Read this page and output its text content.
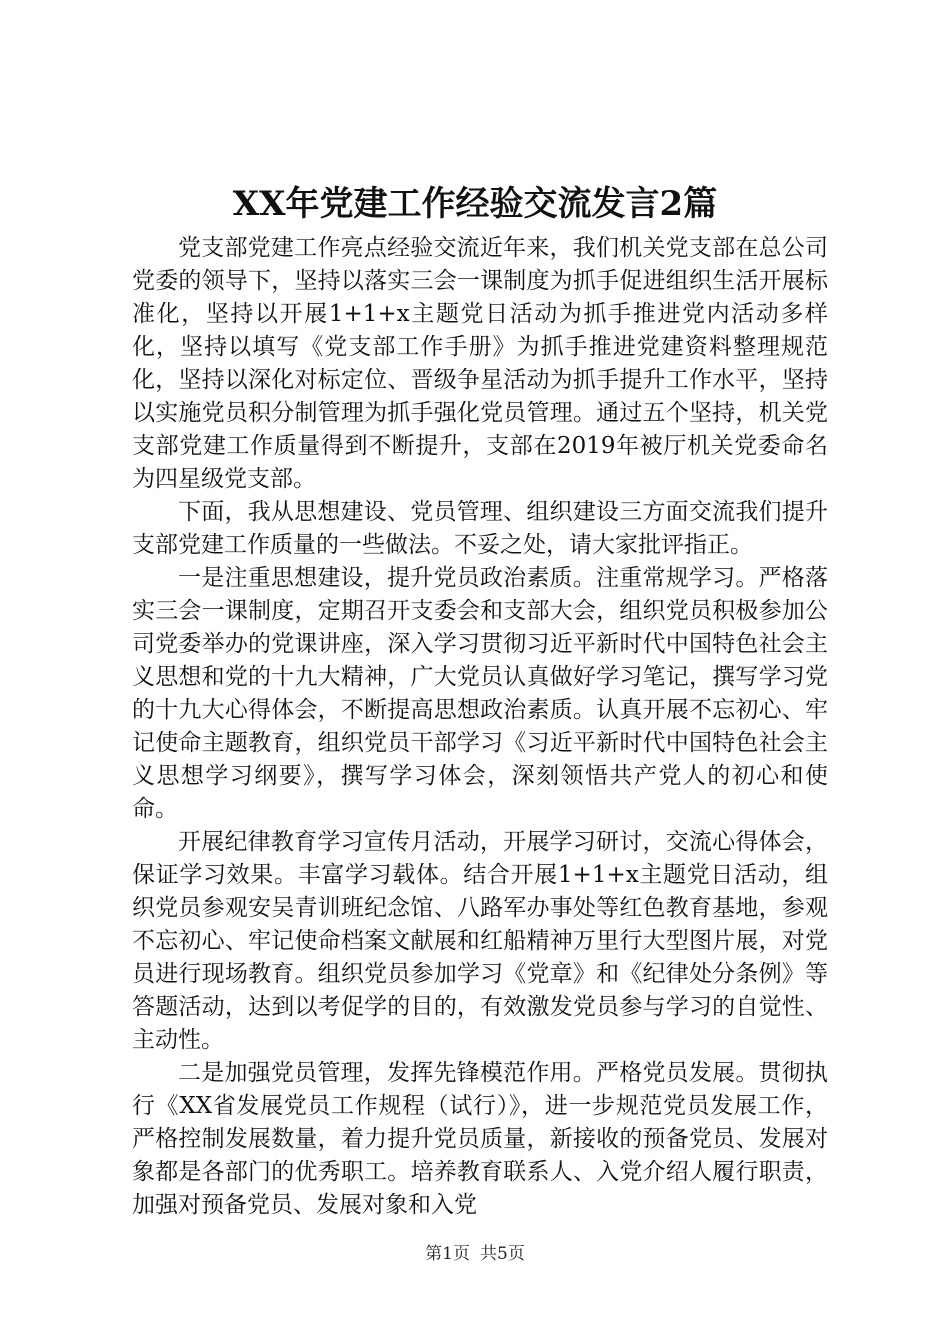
XX年党建工作经验交流发言2篇

党支部党建工作亮点经验交流近年来，我们机关党支部在总公司党委的领导下，坚持以落实三会一课制度为抓手促进组织生活开展标准化，坚持以开展1+1+x主题党日活动为抓手推进党内活动多样化，坚持以填写《党支部工作手册》为抓手推进党建资料整理规范化，坚持以深化对标定位、晋级争星活动为抓手提升工作水平，坚持以实施党员积分制管理为抓手强化党员管理。通过五个坚持，机关党支部党建工作质量得到不断提升，支部在2019年被厅机关党委命名为四星级党支部。

下面，我从思想建设、党员管理、组织建设三方面交流我们提升支部党建工作质量的一些做法。不妥之处，请大家批评指正。

一是注重思想建设，提升党员政治素质。注重常规学习。严格落实三会一课制度，定期召开支委会和支部大会，组织党员积极参加公司党委举办的党课讲座，深入学习贯彻习近平新时代中国特色社会主义思想和党的十九大精神，广大党员认真做好学习笔记，撰写学习党的十九大心得体会，不断提高思想政治素质。认真开展不忘初心、牢记使命主题教育，组织党员干部学习《习近平新时代中国特色社会主义思想学习纲要》，撰写学习体会，深刻领悟共产党人的初心和使命。

开展纪律教育学习宣传月活动，开展学习研讨，交流心得体会，保证学习效果。丰富学习载体。结合开展1+1+x主题党日活动，组织党员参观安吴青训班纪念馆、八路军办事处等红色教育基地，参观不忘初心、牢记使命档案文献展和红船精神万里行大型图片展，对党员进行现场教育。组织党员参加学习《党章》和《纪律处分条例》等答题活动，达到以考促学的目的，有效激发党员参与学习的自觉性、主动性。

二是加强党员管理，发挥先锋模范作用。严格党员发展。贯彻执行《XX省发展党员工作规程（试行）》，进一步规范党员发展工作，严格控制发展数量，着力提升党员质量，新接收的预备党员、发展对象都是各部门的优秀职工。培养教育联系人、入党介绍人履行职责，加强对预备党员、发展对象和入党

第1页 共5页
